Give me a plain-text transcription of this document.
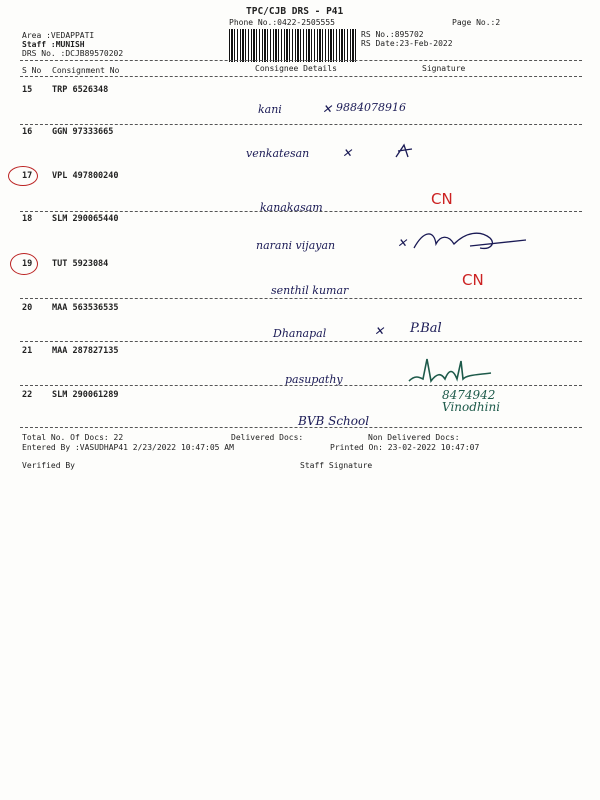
TPC/CJB DRS - P41
Phone No.:0422-2505555	Page No.:2
Area :VEDAPPATI
Staff :MUNISH
DRS No. :DCJB89570202
RS No.:895702
RS Date:23-Feb-2022
S No Consignment No	Consignee Details	Signature
15 TRP 6526348
kani	✕ 9884078916
16 GGN 97333665
venkatesan	✕
17 VPL 497800240
kanakasam	CN
18 SLM 290065440
narani vijayan	✕
19 TUT 5923084
senthil kumar
CN
20 MAA 563536535
Dhanapal	✕ P.Bal
21 MAA 287827135
pasupathy
22 SLM 290061289
BVB School
8474942 Vinodhini
Total No. Of Docs: 22	Delivered Docs:	Non Delivered Docs:
Entered By :VASUDHAP41 2/23/2022 10:47:05 AM	Printed On: 23-02-2022 10:47:07
Verified By	Staff Signature
